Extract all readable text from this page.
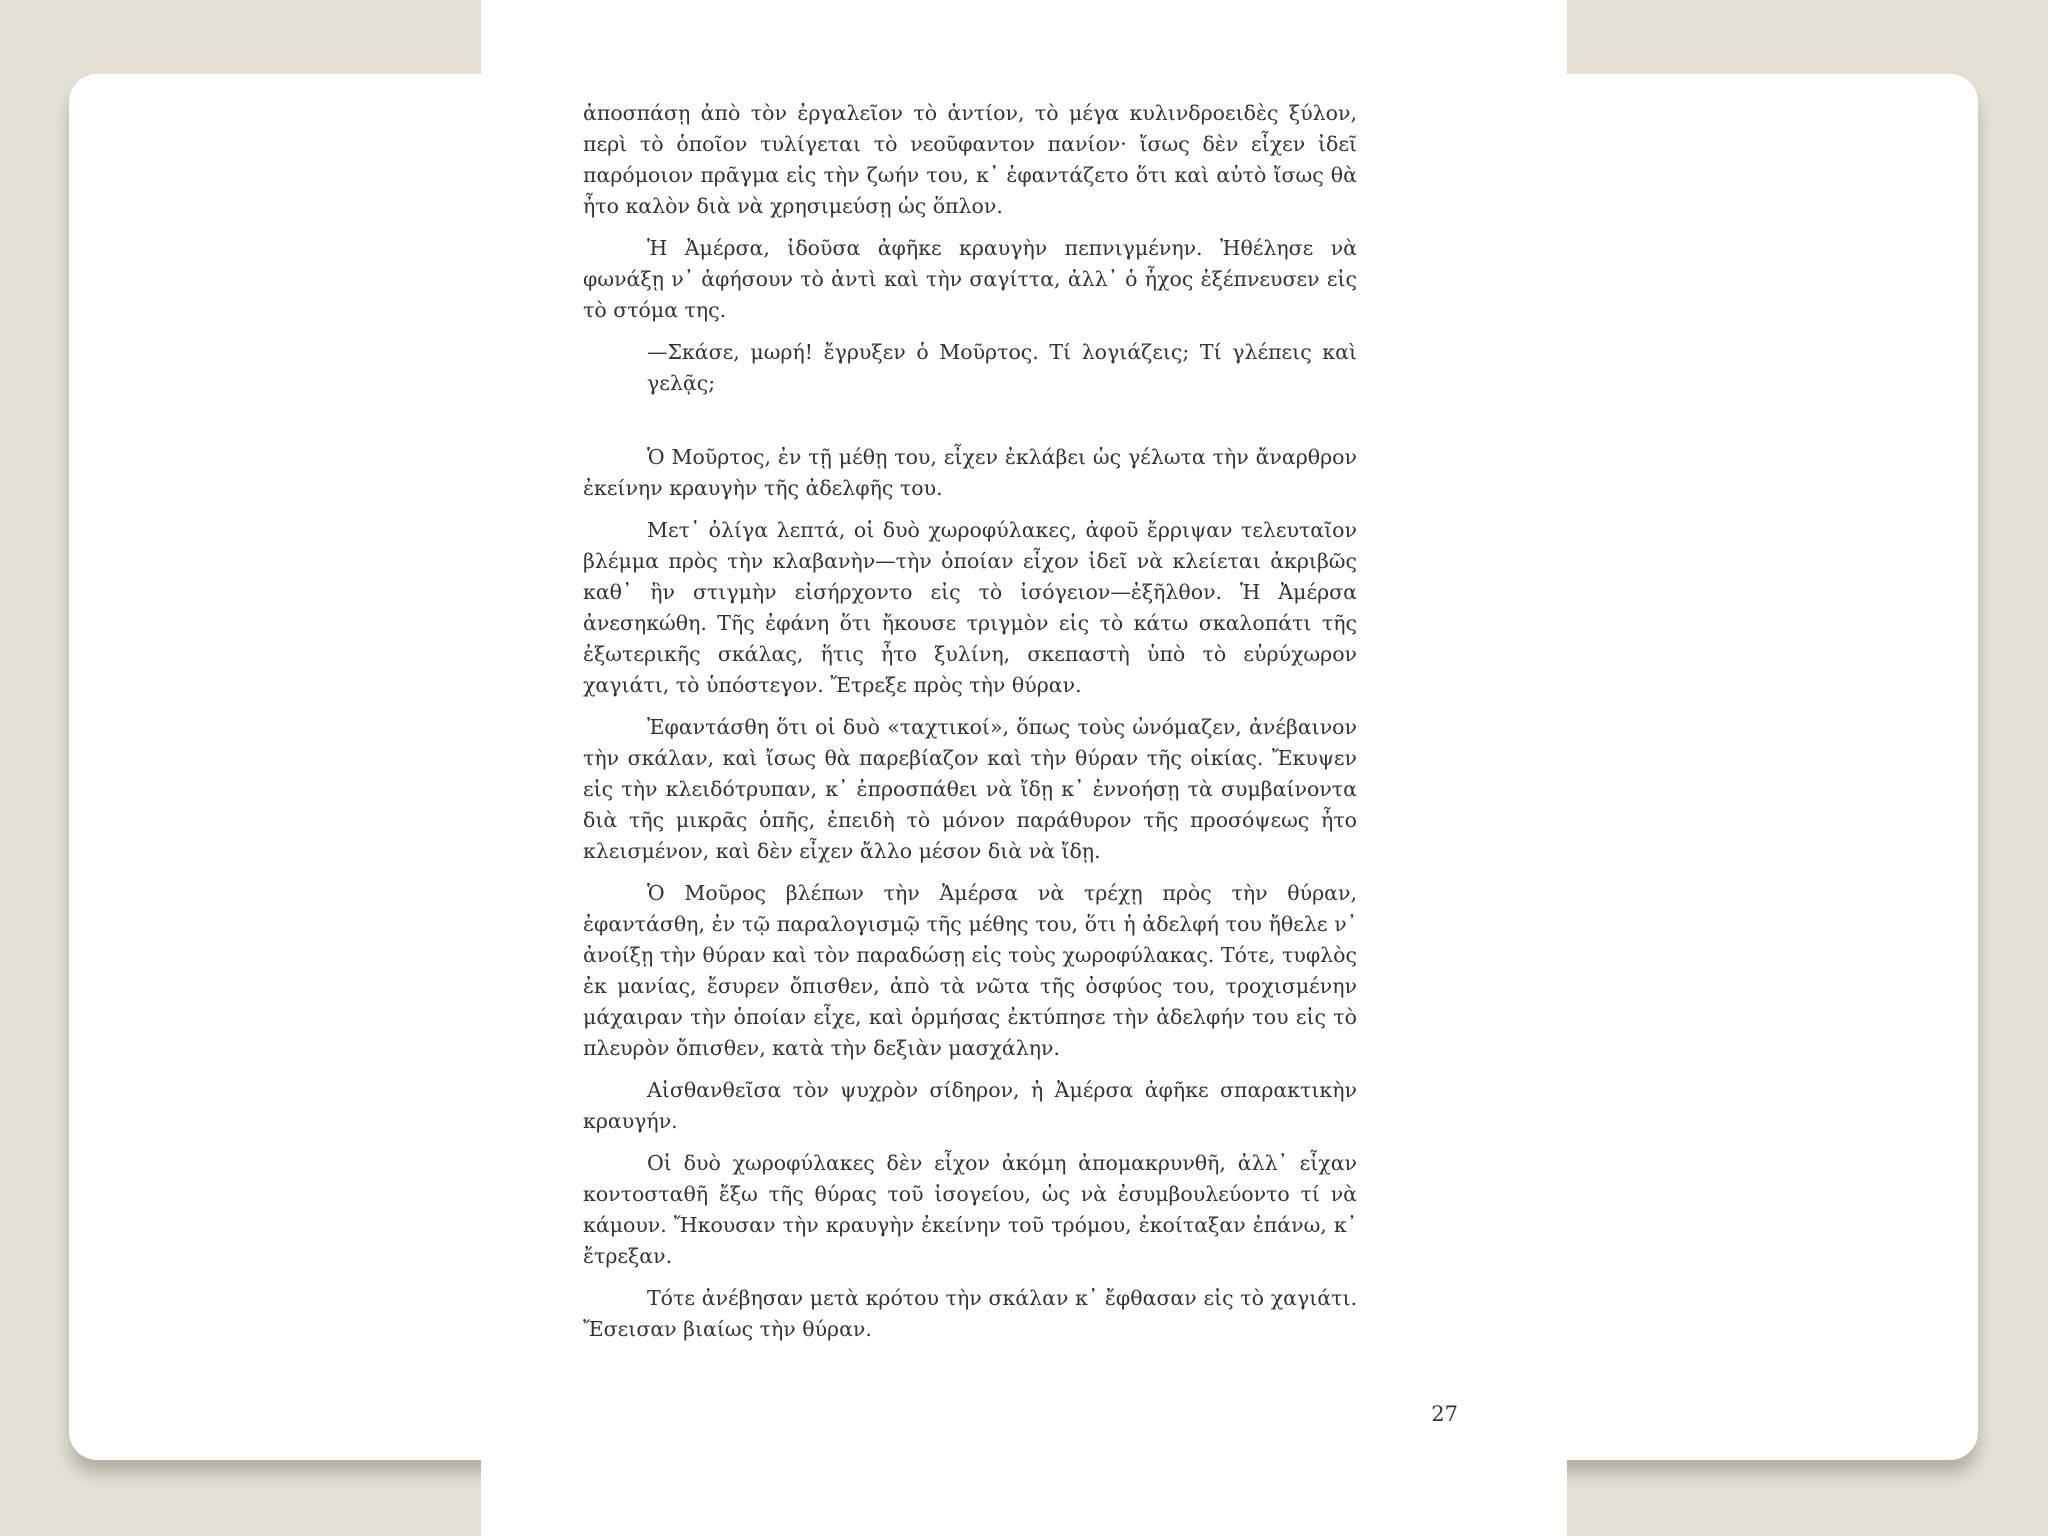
ἀποσπάσῃ ἀπὸ τὸν ἐργαλεῖον τὸ ἀντίον, τὸ μέγα κυλινδροειδὲς ξύλον, περὶ τὸ ὁποῖον τυλίγεται τὸ νεοῦφαντον πανίον· ἴσως δὲν εἶχεν ἰδεῖ παρόμοιον πρᾶγμα εἰς τὴν ζωήν του, κ᾽ ἐφαντάζετο ὅτι καὶ αὐτὸ ἴσως θὰ ἦτο καλὸν διὰ νὰ χρησιμεύσῃ ὡς ὅπλον.

Ἡ Ἀμέρσα, ἰδοῦσα ἀφῆκε κραυγὴν πεπνιγμένην. Ἠθέλησε νὰ φωνάξῃ ν᾽ ἀφήσουν τὸ ἀντὶ καὶ τὴν σαγίττα, ἀλλ᾽ ὁ ἦχος ἐξέπνευσεν εἰς τὸ στόμα της.

—Σκάσε, μωρή! ἔγρυξεν ὁ Μοῦρτος. Τί λογιάζεις; Τί γλέπεις καὶ γελᾷς;

Ὁ Μοῦρτος, ἐν τῇ μέθῃ του, εἶχεν ἐκλάβει ὡς γέλωτα τὴν ἄναρθρον ἐκείνην κραυγὴν τῆς ἀδελφῆς του.

Μετ᾽ ὀλίγα λεπτά, οἱ δυὸ χωροφύλακες, ἀφοῦ ἔρριψαν τελευταῖον βλέμμα πρὸς τὴν κλαβανὴν—τὴν ὁποίαν εἶχον ἰδεῖ νὰ κλείεται ἀκριβῶς καθ᾽ ἣν στιγμὴν εἰσήρχοντο εἰς τὸ ἰσόγειον—ἐξῆλθον. Ἡ Ἀμέρσα ἀνεσηκώθη. Τῆς ἐφάνη ὅτι ἤκουσε τριγμὸν εἰς τὸ κάτω σκαλοπάτι τῆς ἐξωτερικῆς σκάλας, ἥτις ἦτο ξυλίνη, σκεπαστὴ ὑπὸ τὸ εὐρύχωρον χαγιάτι, τὸ ὑπόστεγον. Ἔτρεξε πρὸς τὴν θύραν.

Ἐφαντάσθη ὅτι οἱ δυὸ «ταχτικοί», ὅπως τοὺς ὠνόμαζεν, ἀνέβαινον τὴν σκάλαν, καὶ ἴσως θὰ παρεβίαζον καὶ τὴν θύραν τῆς οἰκίας. Ἔκυψεν εἰς τὴν κλειδότρυπαν, κ᾽ ἐπροσπάθει νὰ ἴδῃ κ᾽ ἐννοήσῃ τὰ συμβαίνοντα διὰ τῆς μικρᾶς ὀπῆς, ἐπειδὴ τὸ μόνον παράθυρον τῆς προσόψεως ἦτο κλεισμένον, καὶ δὲν εἶχεν ἄλλο μέσον διὰ νὰ ἴδῃ.

Ὁ Μοῦρος βλέπων τὴν Ἀμέρσα νὰ τρέχῃ πρὸς τὴν θύραν, ἐφαντάσθη, ἐν τῷ παραλογισμῷ τῆς μέθης του, ὅτι ἡ ἀδελφή του ἤθελε ν᾽ ἀνοίξῃ τὴν θύραν καὶ τὸν παραδώσῃ εἰς τοὺς χωροφύλακας. Τότε, τυφλὸς ἐκ μανίας, ἔσυρεν ὄπισθεν, ἀπὸ τὰ νῶτα τῆς ὀσφύος του, τροχισμένην μάχαιραν τὴν ὁποίαν εἶχε, καὶ ὁρμήσας ἐκτύπησε τὴν ἀδελφήν του εἰς τὸ πλευρὸν ὄπισθεν, κατὰ τὴν δεξιὰν μασχάλην.

Αἰσθανθεῖσα τὸν ψυχρὸν σίδηρον, ἡ Ἀμέρσα ἀφῆκε σπαρακτικὴν κραυγήν.

Οἱ δυὸ χωροφύλακες δὲν εἶχον ἀκόμη ἀπομακρυνθῆ, ἀλλ᾽ εἶχαν κοντοσταθῆ ἔξω τῆς θύρας τοῦ ἰσογείου, ὡς νὰ ἐσυμβουλεύοντο τί νὰ κάμουν. Ἤκουσαν τὴν κραυγὴν ἐκείνην τοῦ τρόμου, ἐκοίταξαν ἐπάνω, κ᾽ ἔτρεξαν.

Τότε ἀνέβησαν μετὰ κρότου τὴν σκάλαν κ᾽ ἔφθασαν εἰς τὸ χαγιάτι. Ἔσεισαν βιαίως τὴν θύραν.

27
